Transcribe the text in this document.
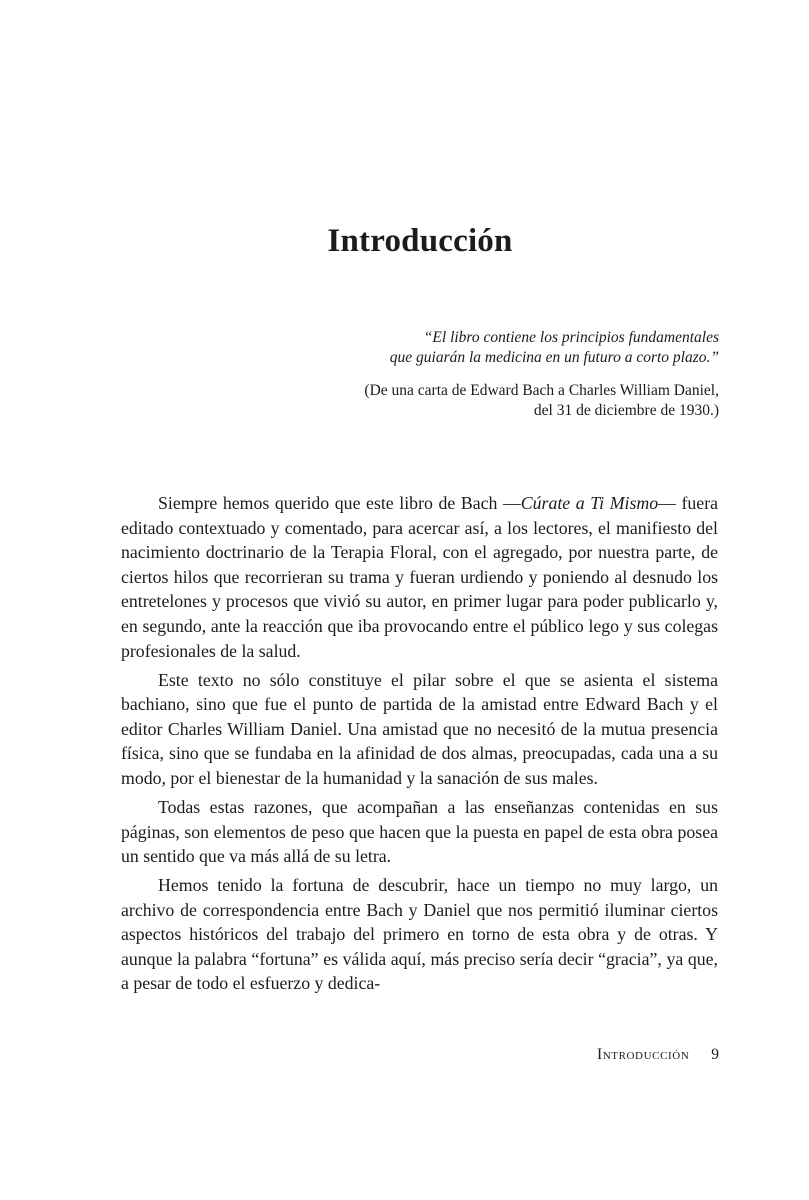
Introducción
“El libro contiene los principios fundamentales
que guiarán la medicina en un futuro a corto plazo.”
(De una carta de Edward Bach a Charles William Daniel,
del 31 de diciembre de 1930.)

Siempre hemos querido que este libro de Bach —Cúrate a Ti Mismo— fuera editado contextuado y comentado, para acercar así, a los lectores, el manifiesto del nacimiento doctrinario de la Terapia Floral, con el agregado, por nuestra parte, de ciertos hilos que recorrieran su trama y fueran urdiendo y poniendo al desnudo los entretelones y procesos que vivió su autor, en primer lugar para poder publicarlo y, en segundo, ante la reacción que iba provocando entre el público lego y sus colegas profesionales de la salud.

Este texto no sólo constituye el pilar sobre el que se asienta el sistema bachiano, sino que fue el punto de partida de la amistad entre Edward Bach y el editor Charles William Daniel. Una amistad que no necesitó de la mutua presencia física, sino que se fundaba en la afinidad de dos almas, preocupadas, cada una a su modo, por el bienestar de la humanidad y la sanación de sus males.

Todas estas razones, que acompañan a las enseñanzas contenidas en sus páginas, son elementos de peso que hacen que la puesta en papel de esta obra posea un sentido que va más allá de su letra.

Hemos tenido la fortuna de descubrir, hace un tiempo no muy largo, un archivo de correspondencia entre Bach y Daniel que nos permitió iluminar ciertos aspectos históricos del trabajo del primero en torno de esta obra y de otras. Y aunque la palabra “fortuna” es válida aquí, más preciso sería decir “gracia”, ya que, a pesar de todo el esfuerzo y dedica-

Introducción 9
